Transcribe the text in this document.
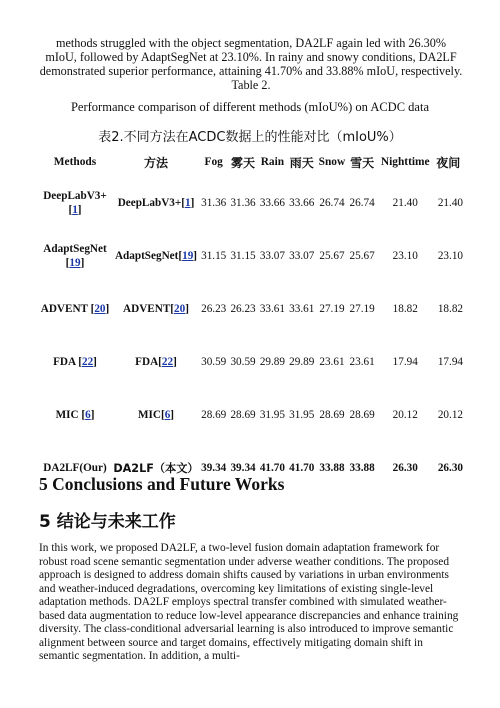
methods struggled with the object segmentation, DA2LF again led with 26.30% mIoU, followed by AdaptSegNet at 23.10%. In rainy and snowy conditions, DA2LF demonstrated superior performance, attaining 41.70% and 33.88% mIoU, respectively. Table 2.

Performance comparison of different methods (mIoU%) on ACDC data
表2.不同方法在ACDC数据上的性能对比（mIoU%）
Methods	方法	Fog	雾天	Rain	雨天	Snow	雪天	Nighttime	夜间
DeepLabV3+
[1]	DeepLabV3+[1]	31.36	31.36	33.66	33.66	26.74	26.74	21.40	21.40
AdaptSegNet
[19]	AdaptSegNet[19]	31.15	31.15	33.07	33.07	25.67	25.67	23.10	23.10
ADVENT [20]	ADVENT[20]	26.23	26.23	33.61	33.61	27.19	27.19	18.82	18.82
FDA [22]	FDA[22]	30.59	30.59	29.89	29.89	23.61	23.61	17.94	17.94
MIC [6]	MIC[6]	28.69	28.69	31.95	31.95	28.69	28.69	20.12	20.12
DA2LF(Our)	DA2LF（本文）	39.34	39.34	41.70	41.70	33.88	33.88	26.30	26.30
5 Conclusions and Future Works
5 结论与未来工作

In this work, we proposed DA2LF, a two-level fusion domain adaptation framework for robust road scene semantic segmentation under adverse weather conditions. The proposed approach is designed to address domain shifts caused by variations in urban environments and weather-induced degradations, overcoming key limitations of existing single-level adaptation methods. DA2LF employs spectral transfer combined with simulated weather-based data augmentation to reduce low-level appearance discrepancies and enhance training diversity. The class-conditional adversarial learning is also introduced to improve semantic alignment between source and target domains, effectively mitigating domain shift in semantic segmentation. In addition, a multi-
